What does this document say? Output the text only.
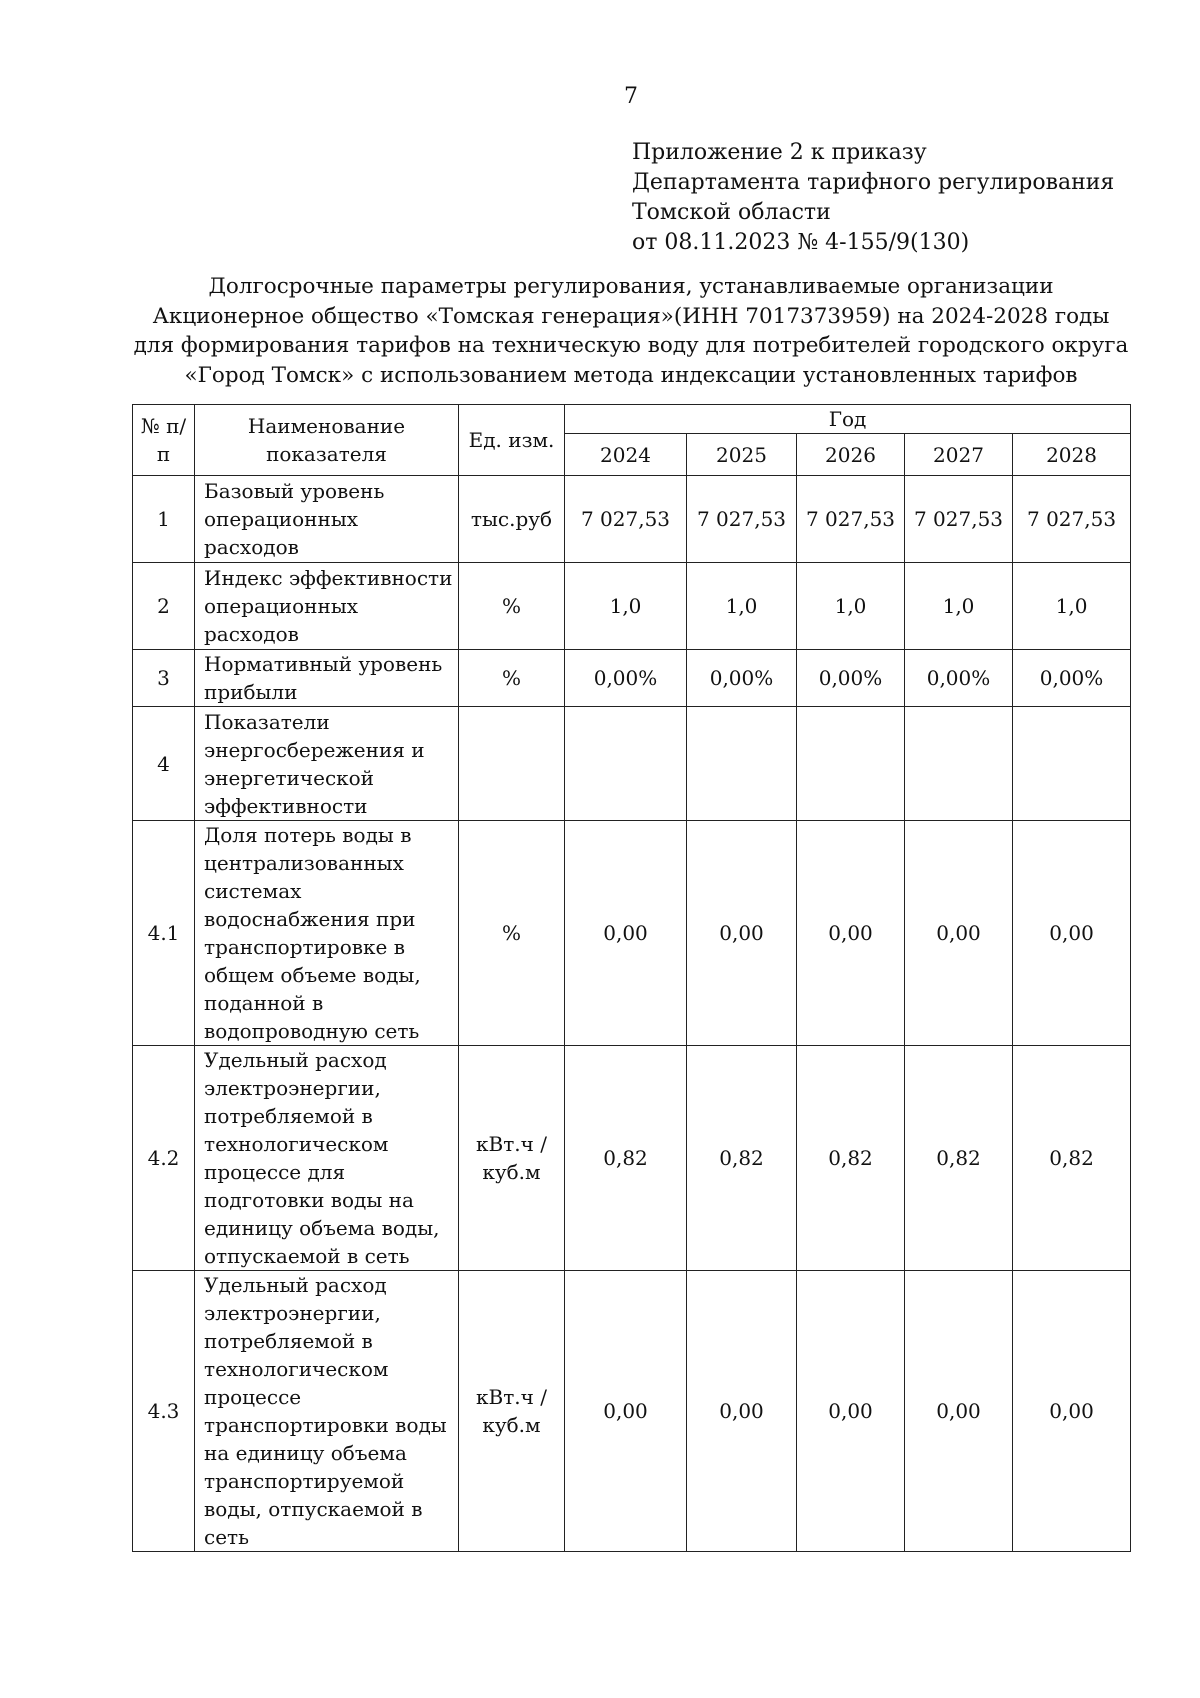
7
Приложение 2 к приказу
Департамента тарифного регулирования
Томской области
от 08.11.2023 № 4-155/9(130)
Долгосрочные параметры регулирования, устанавливаемые организации
Акционерное общество «Томская генерация»(ИНН 7017373959) на 2024-2028 годы
для формирования тарифов на техническую воду для потребителей городского округа
«Город Томск» с использованием метода индексации установленных тарифов
№ п/п	Наименование показателя	Ед. изм.	Год				
			2024	2025	2026	2027	2028
1	Базовый уровень операционных расходов	тыс.руб	7 027,53	7 027,53	7 027,53	7 027,53	7 027,53
2	Индекс эффективности операционных расходов	%	1,0	1,0	1,0	1,0	1,0
3	Нормативный уровень прибыли	%	0,00%	0,00%	0,00%	0,00%	0,00%
4	Показатели энергосбережения и энергетической эффективности						
4.1	Доля потерь воды в централизованных системах водоснабжения при транспортировке в общем объеме воды, поданной в водопроводную сеть	%	0,00	0,00	0,00	0,00	0,00
4.2	Удельный расход электроэнергии, потребляемой в технологическом процессе для подготовки воды на единицу объема воды, отпускаемой в сеть	кВт.ч / куб.м	0,82	0,82	0,82	0,82	0,82
4.3	Удельный расход электроэнергии, потребляемой в технологическом процессе транспортировки воды на единицу объема транспортируемой воды, отпускаемой в сеть	кВт.ч / куб.м	0,00	0,00	0,00	0,00	0,00
